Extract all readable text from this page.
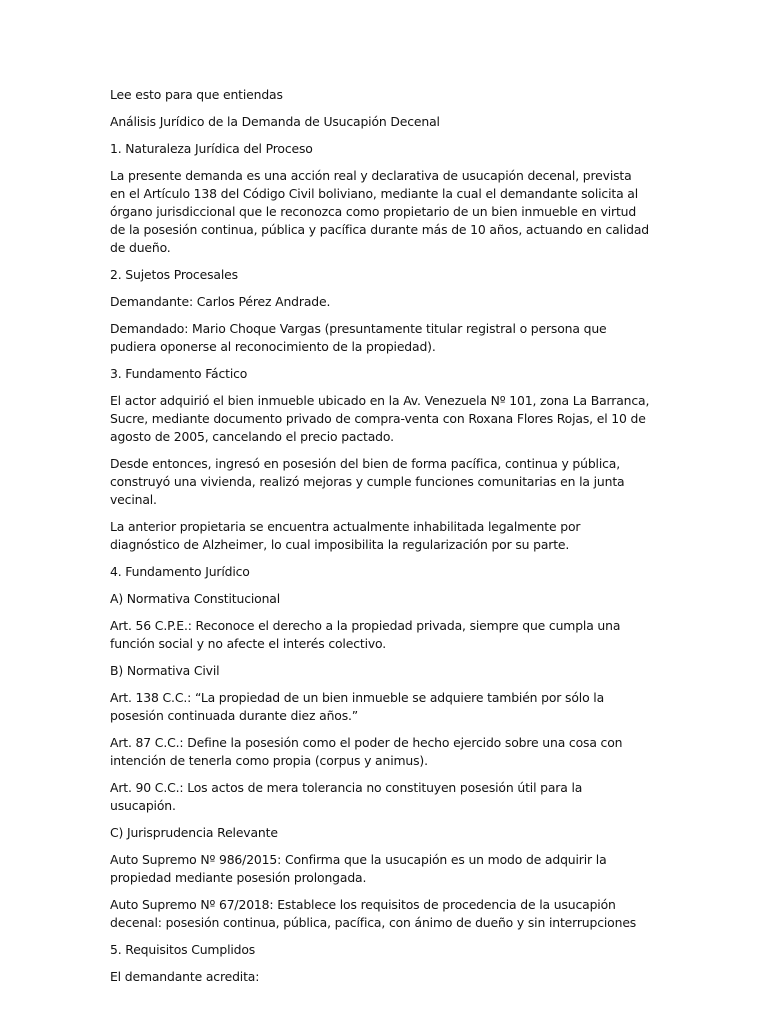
Lee esto para que entiendas

Análisis Jurídico de la Demanda de Usucapión Decenal

1. Naturaleza Jurídica del Proceso

La presente demanda es una acción real y declarativa de usucapión decenal, prevista en el Artículo 138 del Código Civil boliviano, mediante la cual el demandante solicita al órgano jurisdiccional que le reconozca como propietario de un bien inmueble en virtud de la posesión continua, pública y pacífica durante más de 10 años, actuando en calidad de dueño.

2. Sujetos Procesales

Demandante: Carlos Pérez Andrade.

Demandado: Mario Choque Vargas (presuntamente titular registral o persona que pudiera oponerse al reconocimiento de la propiedad).

3. Fundamento Fáctico

El actor adquirió el bien inmueble ubicado en la Av. Venezuela Nº 101, zona La Barranca, Sucre, mediante documento privado de compra-venta con Roxana Flores Rojas, el 10 de agosto de 2005, cancelando el precio pactado.

Desde entonces, ingresó en posesión del bien de forma pacífica, continua y pública, construyó una vivienda, realizó mejoras y cumple funciones comunitarias en la junta vecinal.

La anterior propietaria se encuentra actualmente inhabilitada legalmente por diagnóstico de Alzheimer, lo cual imposibilita la regularización por su parte.

4. Fundamento Jurídico

A) Normativa Constitucional

Art. 56 C.P.E.: Reconoce el derecho a la propiedad privada, siempre que cumpla una función social y no afecte el interés colectivo.

B) Normativa Civil

Art. 138 C.C.: “La propiedad de un bien inmueble se adquiere también por sólo la posesión continuada durante diez años.”

Art. 87 C.C.: Define la posesión como el poder de hecho ejercido sobre una cosa con intención de tenerla como propia (corpus y animus).

Art. 90 C.C.: Los actos de mera tolerancia no constituyen posesión útil para la usucapión.

C) Jurisprudencia Relevante

Auto Supremo Nº 986/2015: Confirma que la usucapión es un modo de adquirir la propiedad mediante posesión prolongada.

Auto Supremo Nº 67/2018: Establece los requisitos de procedencia de la usucapión decenal: posesión continua, pública, pacífica, con ánimo de dueño y sin interrupciones

5. Requisitos Cumplidos

El demandante acredita:
